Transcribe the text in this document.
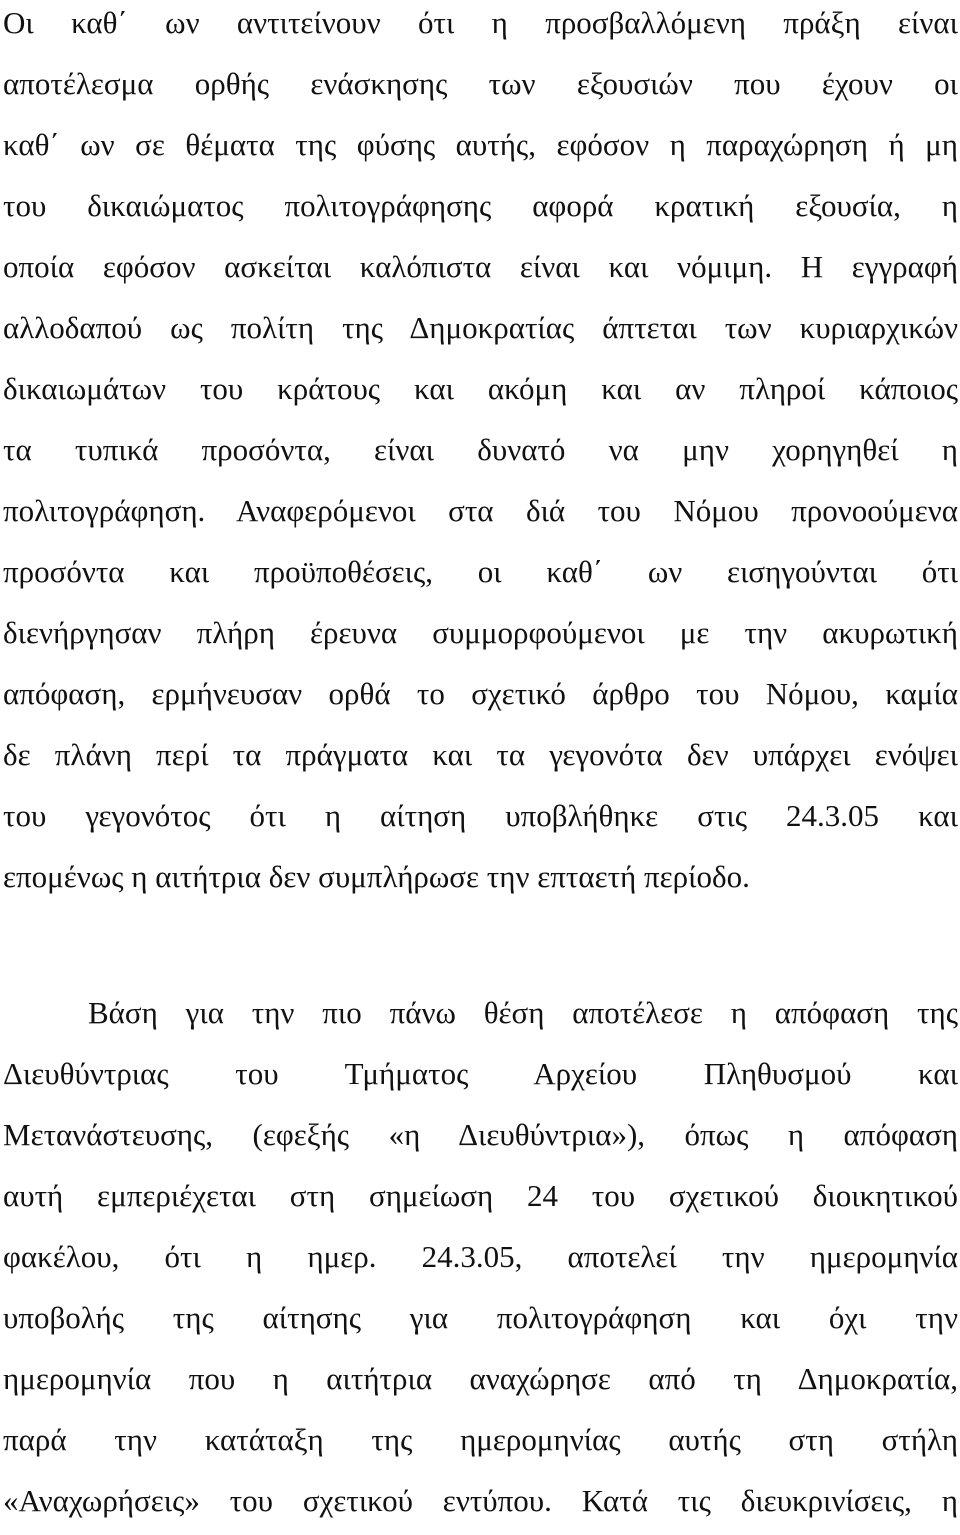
Οι καθ΄ ων αντιτείνουν ότι η προσβαλλόμενη πράξη είναι
αποτέλεσμα ορθής ενάσκησης των εξουσιών που έχουν οι
καθ΄ ων σε θέματα της φύσης αυτής, εφόσον η παραχώρηση ή μη
του δικαιώματος πολιτογράφησης αφορά κρατική εξουσία, η
οποία εφόσον ασκείται καλόπιστα είναι και νόμιμη. Η εγγραφή
αλλοδαπού ως πολίτη της Δημοκρατίας άπτεται των κυριαρχικών
δικαιωμάτων του κράτους και ακόμη και αν πληροί κάποιος
τα τυπικά προσόντα, είναι δυνατό να μην χορηγηθεί η
πολιτογράφηση. Αναφερόμενοι στα διά του Νόμου προνοούμενα
προσόντα και προϋποθέσεις, οι καθ΄ ων εισηγούνται ότι
διενήργησαν πλήρη έρευνα συμμορφούμενοι με την ακυρωτική
απόφαση, ερμήνευσαν ορθά το σχετικό άρθρο του Νόμου, καμία
δε πλάνη περί τα πράγματα και τα γεγονότα δεν υπάρχει ενόψει
του γεγονότος ότι η αίτηση υποβλήθηκε στις 24.3.05 και
επομένως η αιτήτρια δεν συμπλήρωσε την επταετή περίοδο.
Βάση για την πιο πάνω θέση αποτέλεσε η απόφαση της
Διευθύντριας του Τμήματος Αρχείου Πληθυσμού και
Μετανάστευσης, (εφεξής «η Διευθύντρια»), όπως η απόφαση
αυτή εμπεριέχεται στη σημείωση 24 του σχετικού διοικητικού
φακέλου, ότι η ημερ. 24.3.05, αποτελεί την ημερομηνία
υποβολής της αίτησης για πολιτογράφηση και όχι την
ημερομηνία που η αιτήτρια αναχώρησε από τη Δημοκρατία,
παρά την κατάταξη της ημερομηνίας αυτής στη στήλη
«Αναχωρήσεις» του σχετικού εντύπου. Κατά τις διευκρινίσεις, η
